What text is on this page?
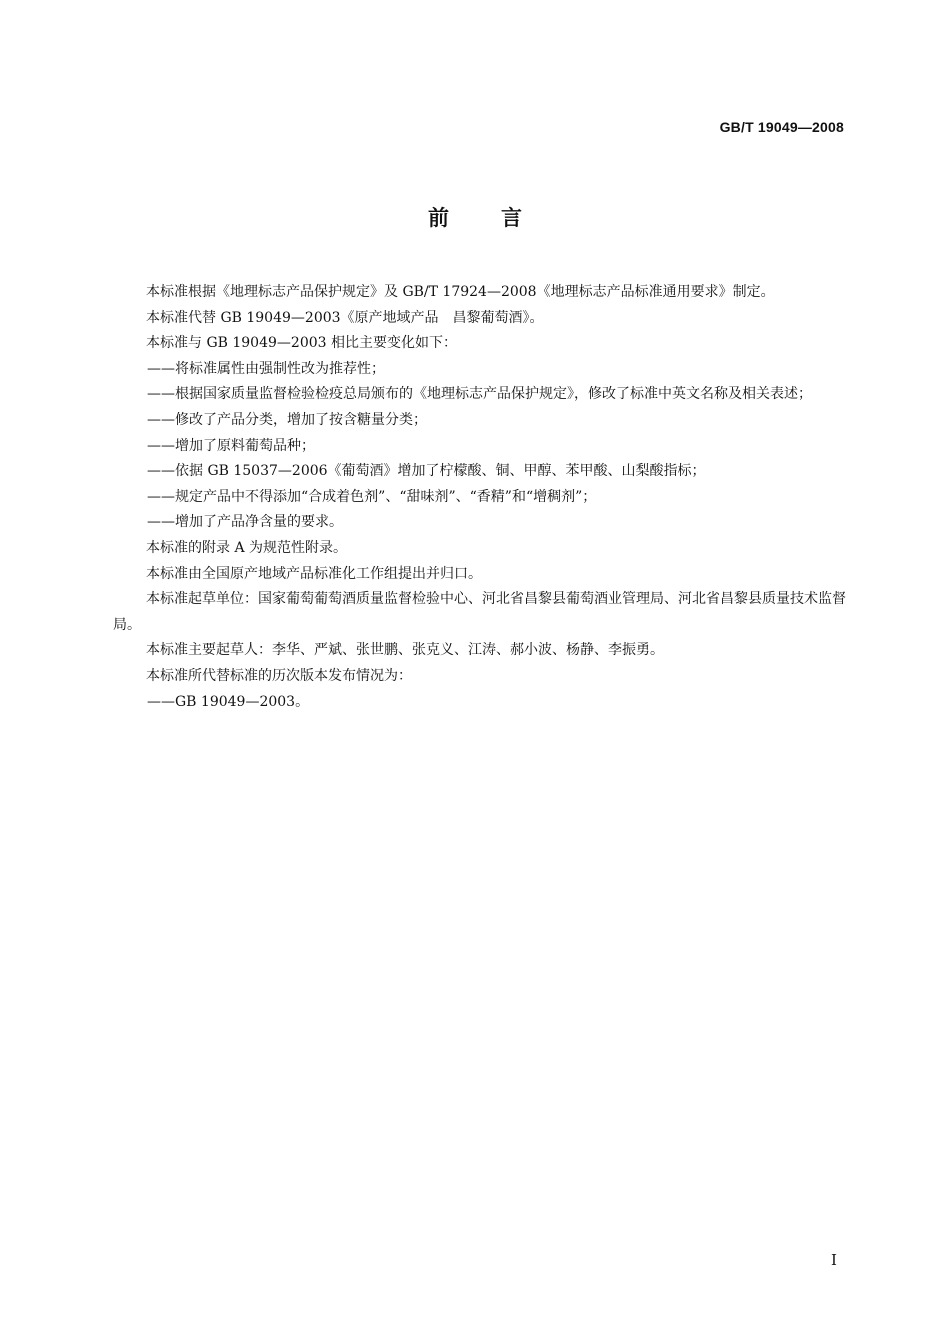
GB/T 19049—2008
前言

本标准根据《地理标志产品保护规定》及 GB/T 17924—2008《地理标志产品标准通用要求》制定。

本标准代替 GB 19049—2003《原产地域产品　昌黎葡萄酒》。

本标准与 GB 19049—2003 相比主要变化如下：

——将标准属性由强制性改为推荐性；

——根据国家质量监督检验检疫总局颁布的《地理标志产品保护规定》，修改了标准中英文名称及相关表述；

——修改了产品分类，增加了按含糖量分类；

——增加了原料葡萄品种；

——依据 GB 15037—2006《葡萄酒》增加了柠檬酸、铜、甲醇、苯甲酸、山梨酸指标；

——规定产品中不得添加“合成着色剂”、“甜味剂”、“香精”和“增稠剂”；

——增加了产品净含量的要求。

本标准的附录 A 为规范性附录。

本标准由全国原产地域产品标准化工作组提出并归口。

本标准起草单位：国家葡萄葡萄酒质量监督检验中心、河北省昌黎县葡萄酒业管理局、河北省昌黎县质量技术监督局。

本标准主要起草人：李华、严斌、张世鹏、张克义、江涛、郝小波、杨静、李振勇。

本标准所代替标准的历次版本发布情况为：

——GB 19049—2003。

I
